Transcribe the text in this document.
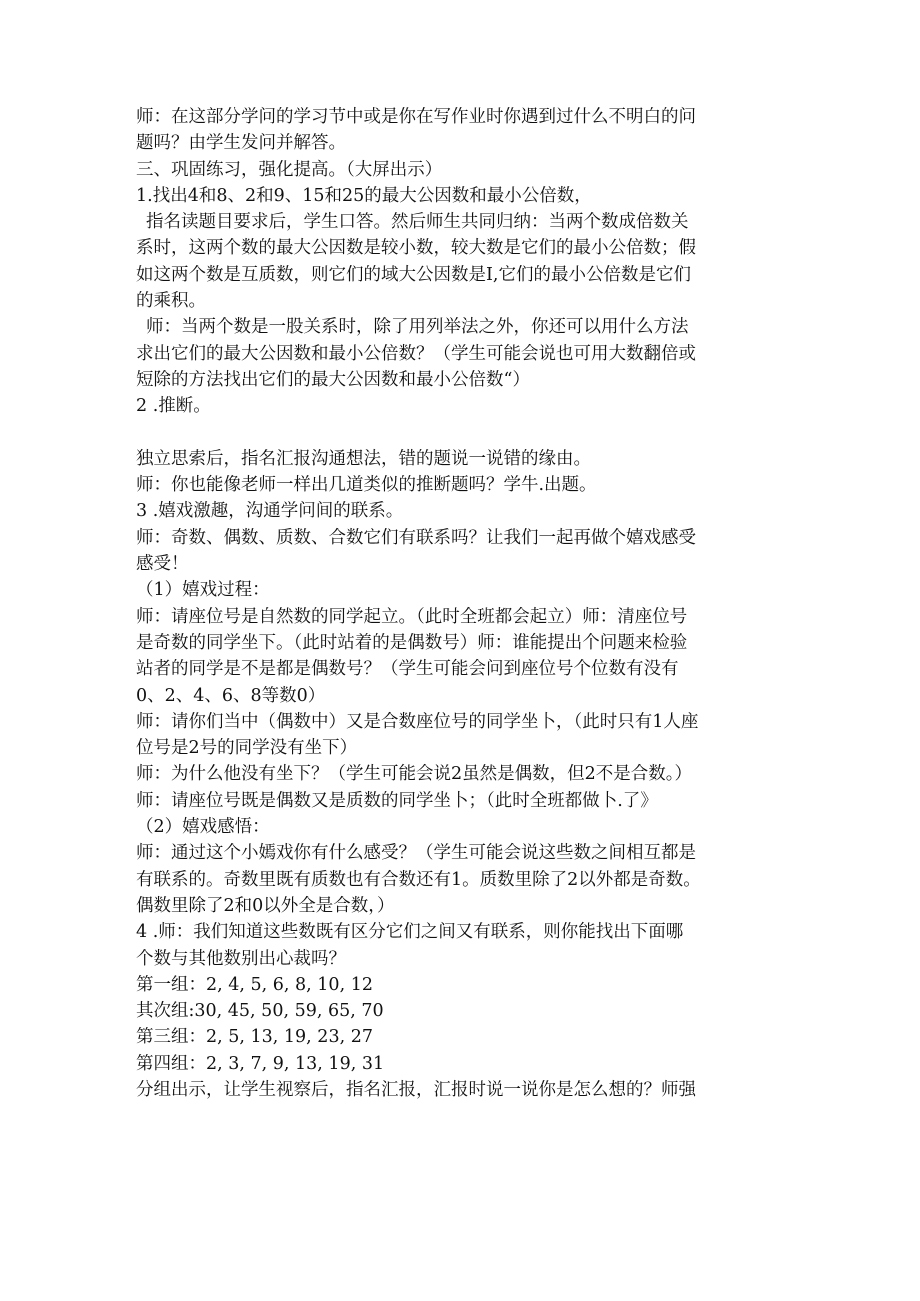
师：在这部分学问的学习节中或是你在写作业时你遇到过什么不明白的问
题吗？由学生发问并解答。
三、巩固练习，强化提高。（大屏出示）
1.找出4和8、2和9、15和25的最大公因数和最小公倍数，
指名读题目要求后，学生口答。然后师生共同归纳：当两个数成倍数关
系时，这两个数的最大公因数是较小数，较大数是它们的最小公倍数；假
如这两个数是互质数，则它们的域大公因数是I,它们的最小公倍数是它们
的乘积。
师：当两个数是一股关系时，除了用列举法之外，你还可以用什么方法
求出它们的最大公因数和最小公倍数？（学生可能会说也可用大数翻倍或
短除的方法找出它们的最大公因数和最小公倍数“）
2 .推断。
独立思索后，指名汇报沟通想法，错的题说一说错的缘由。
师：你也能像老师一样出几道类似的推断题吗？学牛.出题。
3 .嬉戏激趣，沟通学问间的联系。
师：奇数、偶数、质数、合数它们有联系吗？让我们一起再做个嬉戏感受
感受！
（1）嬉戏过程：
师：请座位号是自然数的同学起立。（此时全班都会起立）师：清座位号
是奇数的同学坐下。（此时站着的是偶数号）师：谁能提出个问题来检验
站者的同学是不是都是偶数号？（学生可能会问到座位号个位数有没有
0、2、4、6、8等数0）
师：请你们当中（偶数中）又是合数座位号的同学坐卜，（此时只有1人座
位号是2号的同学没有坐下）
师：为什么他没有坐下？（学生可能会说2虽然是偶数，但2不是合数。）
师：请座位号既是偶数又是质数的同学坐卜；（此时全班都做卜.了》
（2）嬉戏感悟：
师：通过这个小嫣戏你有什么感受？（学生可能会说这些数之间相互都是
有联系的。奇数里既有质数也有合数还有1。质数里除了2以外都是奇数。
偶数里除了2和0以外全是合数，）
4 .师：我们知道这些数既有区分它们之间又有联系，则你能找出下面哪
个数与其他数别出心裁吗？
第一组：2, 4, 5, 6, 8, 10, 12
其次组:30, 45, 50, 59, 65, 70
第三组：2, 5, 13, 19, 23, 27
第四组：2, 3, 7, 9, 13, 19, 31
分组出示，让学生视察后，指名汇报，汇报时说一说你是怎么想的？师强
